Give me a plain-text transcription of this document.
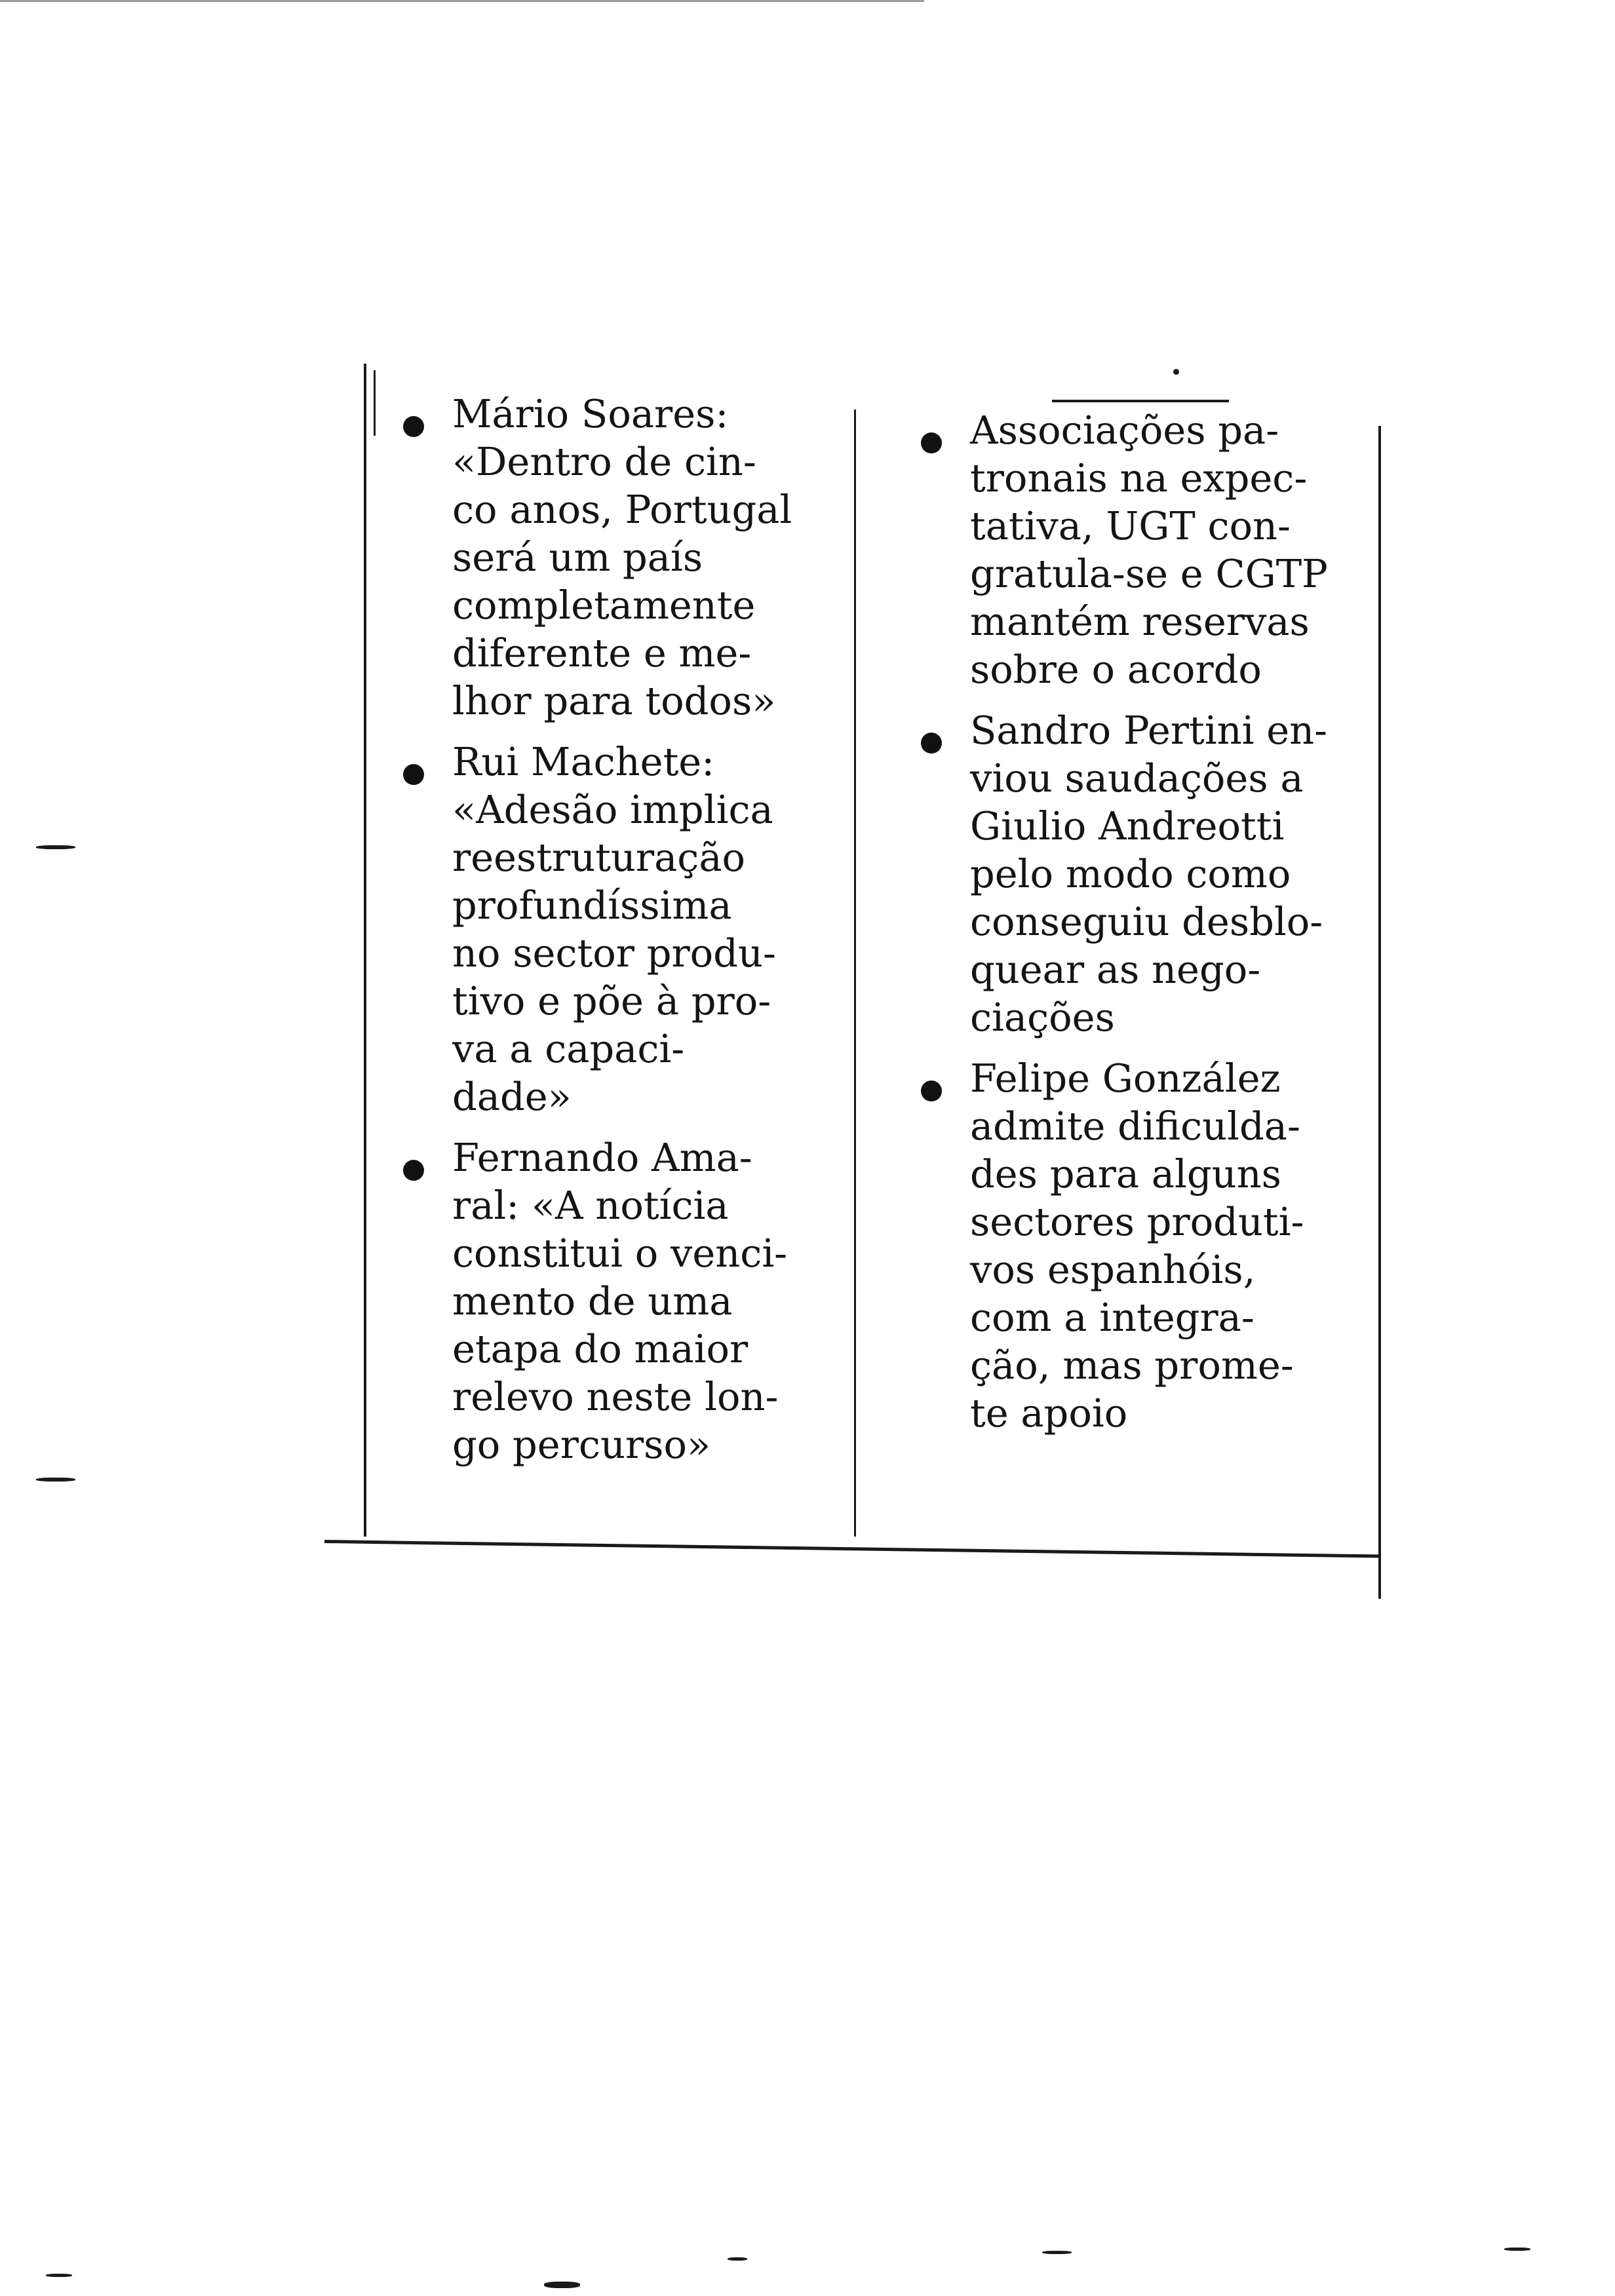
Mário Soares:
«Dentro de cin-
co anos, Portugal
será um país
completamente
diferente e me-
lhor para todos»
Rui Machete:
«Adesão implica
reestruturação
profundíssima
no sector produ-
tivo e põe à pro-
va a capaci-
dade»
Fernando Ama-
ral: «A notícia
constitui o venci-
mento de uma
etapa do maior
relevo neste lon-
go percurso»
Associações pa-
tronais na expec-
tativa, UGT con-
gratula-se e CGTP
mantém reservas
sobre o acordo
Sandro Pertini en-
viou saudações a
Giulio Andreotti
pelo modo como
conseguiu desblo-
quear as nego-
ciações
Felipe González
admite dificulda-
des para alguns
sectores produti-
vos espanhóis,
com a integra-
ção, mas prome-
te apoio
